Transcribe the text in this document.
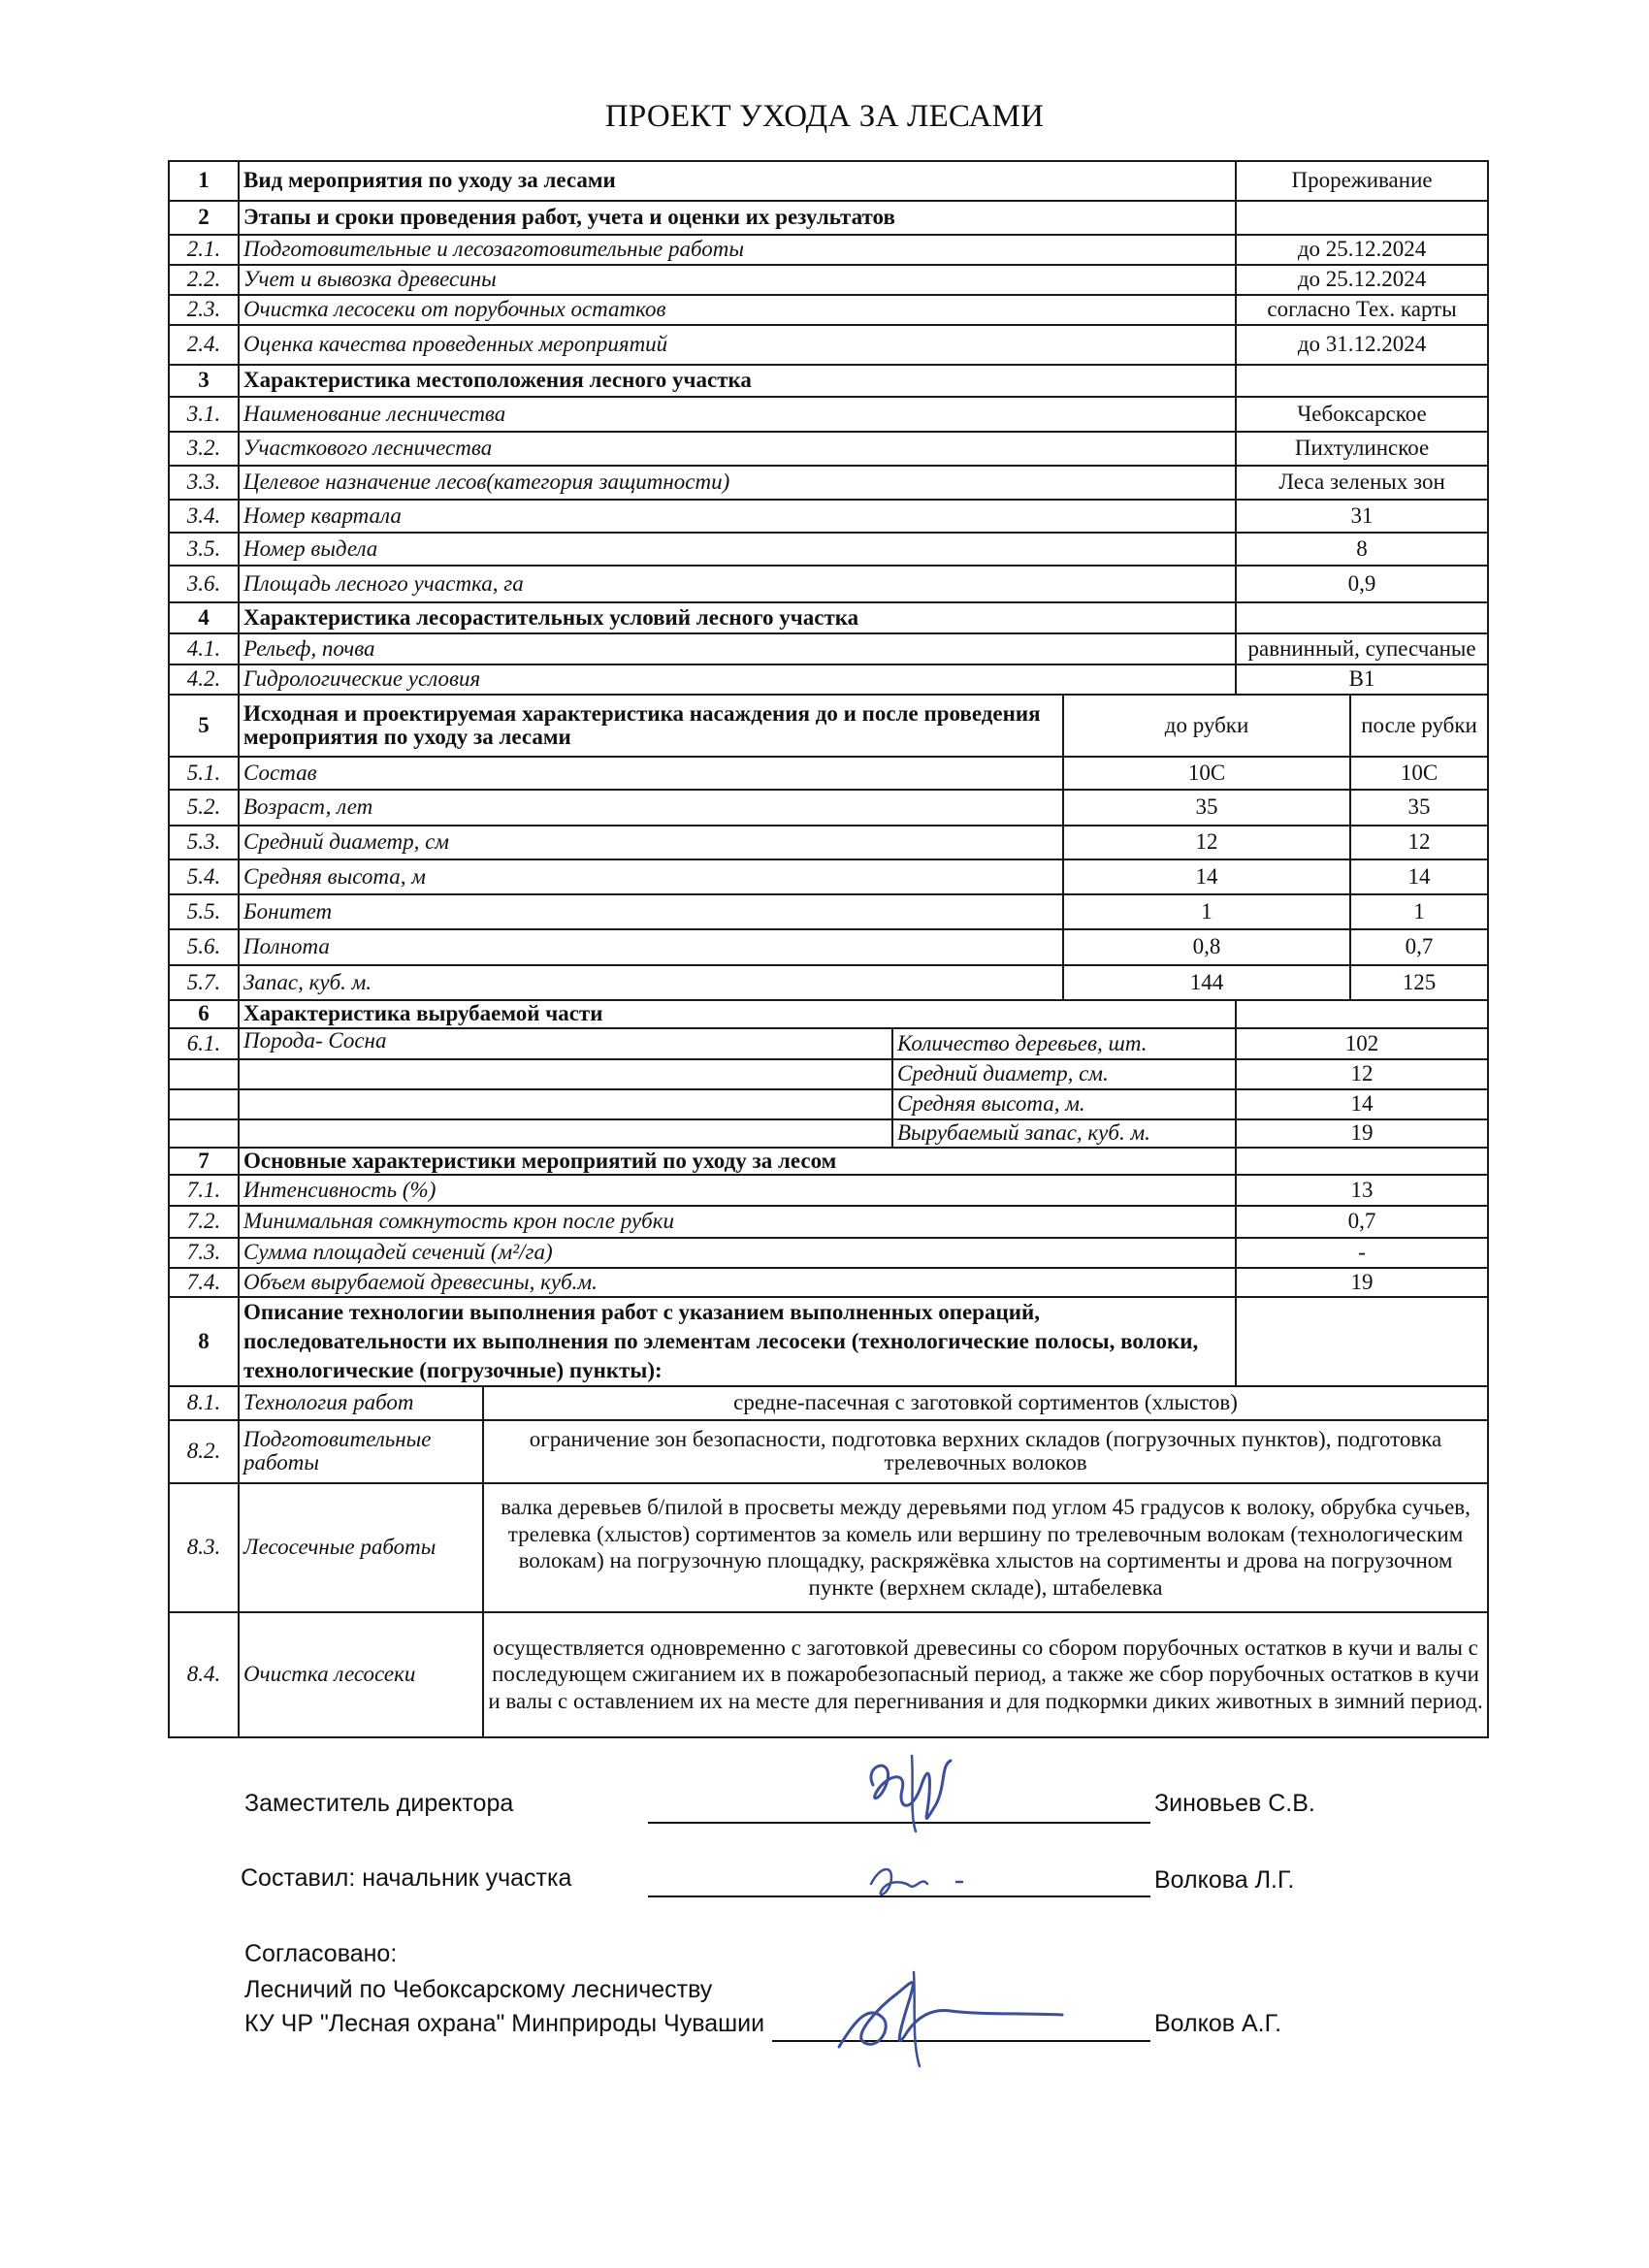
ПРОЕКТ УХОДА ЗА ЛЕСАМИ
1	Вид мероприятия по уходу за лесами				Прореживание	
2	Этапы и сроки проведения работ, учета и оценки их результатов					
2.1.	Подготовительные и лесозаготовительные работы				до 25.12.2024	
2.2.	Учет и вывозка древесины				до 25.12.2024	
2.3.	Очистка лесосеки от порубочных остатков				согласно Тех. карты	
2.4.	Оценка качества проведенных мероприятий				до 31.12.2024	
3	Характеристика местоположения лесного участка					
3.1.	Наименование лесничества				Чебоксарское	
3.2.	Участкового лесничества				Пихтулинское	
3.3.	Целевое назначение лесов(категория защитности)				Леса зеленых зон	
3.4.	Номер квартала				31	
3.5.	Номер выдела				8	
3.6.	Площадь лесного участка, га				0,9	
4	Характеристика лесорастительных условий лесного участка					
4.1.	Рельеф, почва				равнинный, супесчаные	
4.2.	Гидрологические условия				В1	
5	Исходная и проектируемая характеристика насаждения до и после проведения мероприятия по уходу за лесами			до рубки		после рубки
5.1.	Состав			10С		10С
5.2.	Возраст, лет			35		35
5.3.	Средний диаметр, см			12		12
5.4.	Средняя высота, м			14		14
5.5.	Бонитет			1		1
5.6.	Полнота			0,8		0,7
5.7.	Запас, куб. м.			144		125
6	Характеристика вырубаемой части					
6.1.	Порода- Сосна		Количество деревьев, шт.		102	
			Средний диаметр, см.		12	
			Средняя высота, м.		14	
			Вырубаемый запас, куб. м.		19	
7	Основные характеристики мероприятий по уходу за лесом					
7.1.	Интенсивность (%)				13	
7.2.	Минимальная сомкнутость крон после рубки				0,7	
7.3.	Сумма площадей сечений (м²/га)				-	
7.4.	Объем вырубаемой древесины, куб.м.				19	
8	Описание технологии выполнения работ с указанием выполненных операций, последовательности их выполнения по элементам лесосеки (технологические полосы, волоки, технологические (погрузочные) пункты):					
8.1.	Технология работ	средне-пасечная с заготовкой сортиментов (хлыстов)				
8.2.	Подготовительные работы	ограничение зон безопасности, подготовка верхних складов (погрузочных пунктов), подготовка трелевочных волоков				
8.3.	Лесосечные работы	валка деревьев б/пилой в просветы между деревьями под углом 45 градусов к волоку, обрубка сучьев, трелевка (хлыстов) сортиментов за комель или вершину по трелевочным волокам (технологическим волокам) на погрузочную площадку, раскряжёвка хлыстов на сортименты и дрова на погрузочном пункте (верхнем складе), штабелевка				
8.4.	Очистка лесосеки	осуществляется одновременно с заготовкой древесины со сбором порубочных остатков в кучи и валы с последующем сжиганием их в пожаробезопасный период, а также же сбор порубочных остатков в кучи и валы с оставлением их на месте для перегнивания и для подкормки диких животных в зимний период.				
Заместитель директора	Зиновьев С.В.
Составил: начальник участка	Волкова Л.Г.
Согласовано:
Лесничий по Чебоксарскому лесничеству
КУ ЧР "Лесная охрана" Минприроды Чувашии	Волков А.Г.
